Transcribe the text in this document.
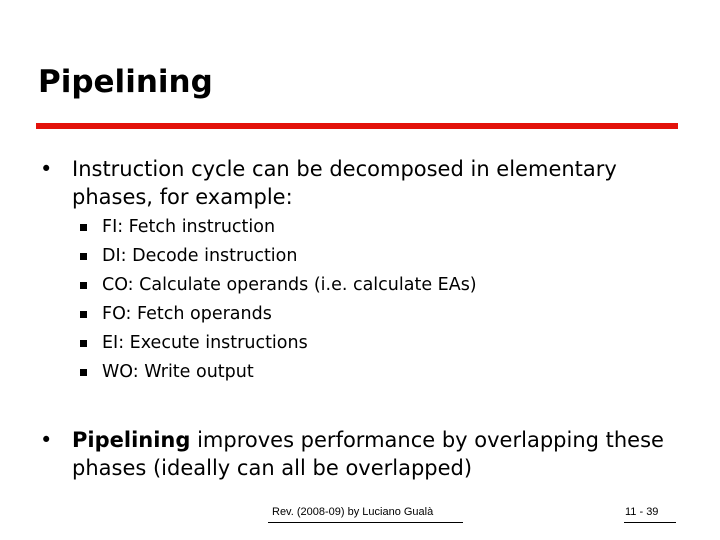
Pipelining
• Instruction cycle can be decomposed in elementary
phases, for example:
FI: Fetch instruction
DI: Decode instruction
CO: Calculate operands (i.e. calculate EAs)
FO: Fetch operands
EI: Execute instructions
WO: Write output
• Pipelining improves performance by overlapping these
phases (ideally can all be overlapped)
Rev. (2008-09) by Luciano Gualà	11 - 39
